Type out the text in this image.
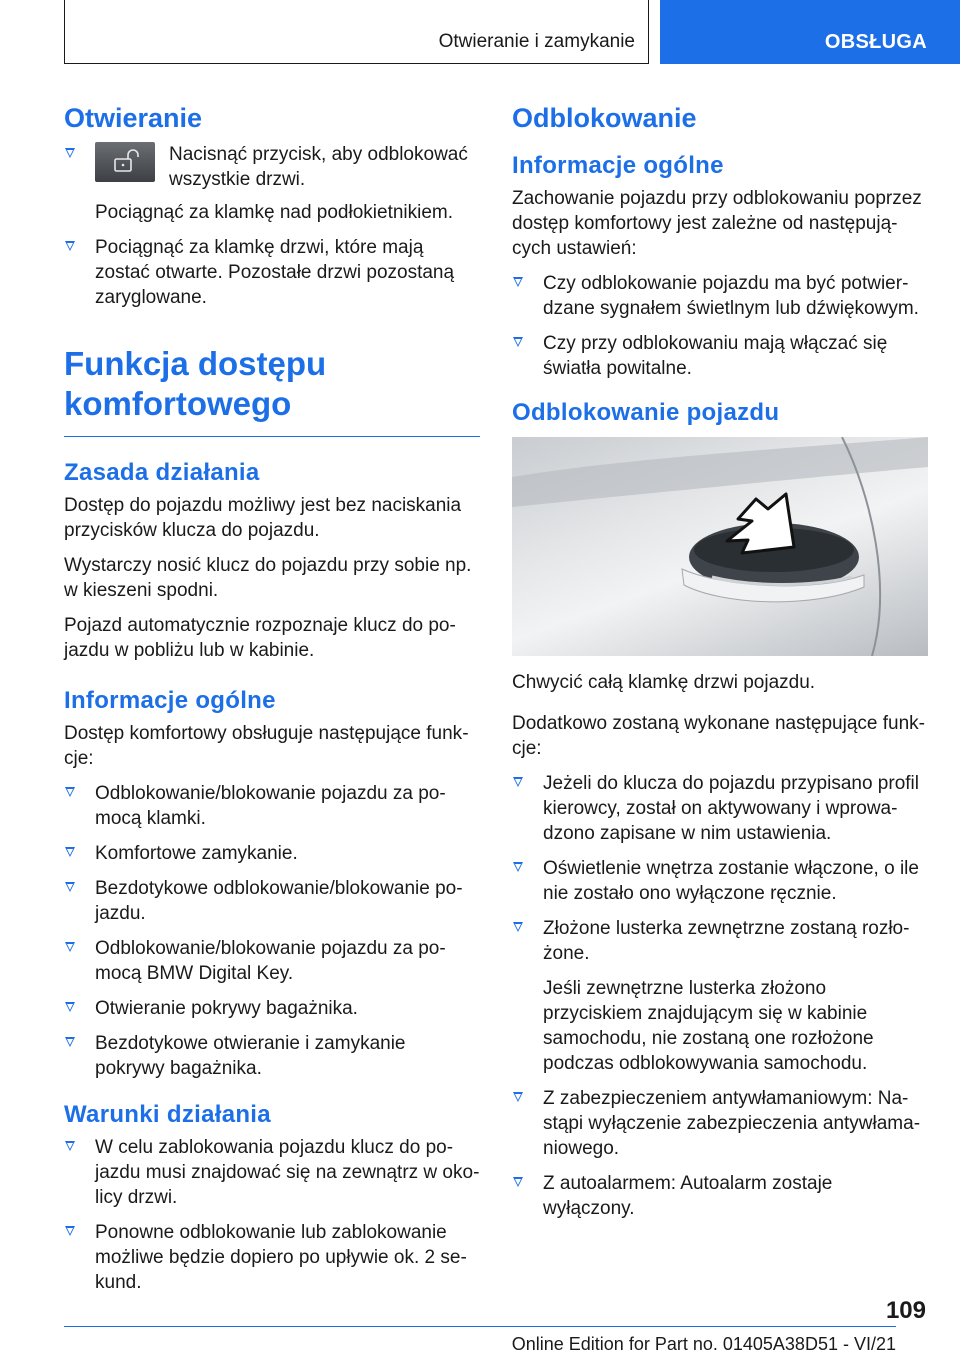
Otwieranie i zamykanie	OBSŁUGA
Otwieranie
Nacisnąć przycisk, aby odblokować wszystkie drzwi.
Pociągnąć za klamkę nad podłokietnikiem.
Pociągnąć za klamkę drzwi, które mają zostać otwarte. Pozostałe drzwi pozostaną zaryglowane.
Funkcja dostępu
komfortowego
Zasada działania

Dostęp do pojazdu możliwy jest bez naciskania przycisków klucza do pojazdu.

Wystarczy nosić klucz do pojazdu przy sobie np. w kieszeni spodni.

Pojazd automatycznie rozpoznaje klucz do pojazdu w pobliżu lub w kabinie.

Informacje ogólne

Dostęp komfortowy obsługuje następujące funkcje:

Odblokowanie/blokowanie pojazdu za pomocą klamki.
Komfortowe zamykanie.
Bezdotykowe odblokowanie/blokowanie pojazdu.
Odblokowanie/blokowanie pojazdu za pomocą BMW Digital Key.
Otwieranie pokrywy bagażnika.
Bezdotykowe otwieranie i zamykanie pokrywy bagażnika.
Warunki działania
W celu zablokowania pojazdu klucz do pojazdu musi znajdować się na zewnątrz w okolicy drzwi.
Ponowne odblokowanie lub zablokowanie możliwe będzie dopiero po upływie ok. 2 sekund.
Odblokowanie
Informacje ogólne

Zachowanie pojazdu przy odblokowaniu poprzez dostęp komfortowy jest zależne od następujących ustawień:

Czy odblokowanie pojazdu ma być potwierdzane sygnałem świetlnym lub dźwiękowym.
Czy przy odblokowaniu mają włączać się światła powitalne.
Odblokowanie pojazdu

Chwycić całą klamkę drzwi pojazdu.

Dodatkowo zostaną wykonane następujące funkcje:

Jeżeli do klucza do pojazdu przypisano profil kierowcy, został on aktywowany i wprowadzono zapisane w nim ustawienia.
Oświetlenie wnętrza zostanie włączone, o ile nie zostało ono wyłączone ręcznie.
Złożone lusterka zewnętrzne zostaną rozłożone.
Jeśli zewnętrzne lusterka złożono przyciskiem znajdującym się w kabinie samochodu, nie zostaną one rozłożone podczas odblokowywania samochodu.
Z zabezpieczeniem antywłamaniowym: Nastąpi wyłączenie zabezpieczenia antywłamaniowego.
Z autoalarmem: Autoalarm zostaje wyłączony.
109
Online Edition for Part no. 01405A38D51 - VI/21
